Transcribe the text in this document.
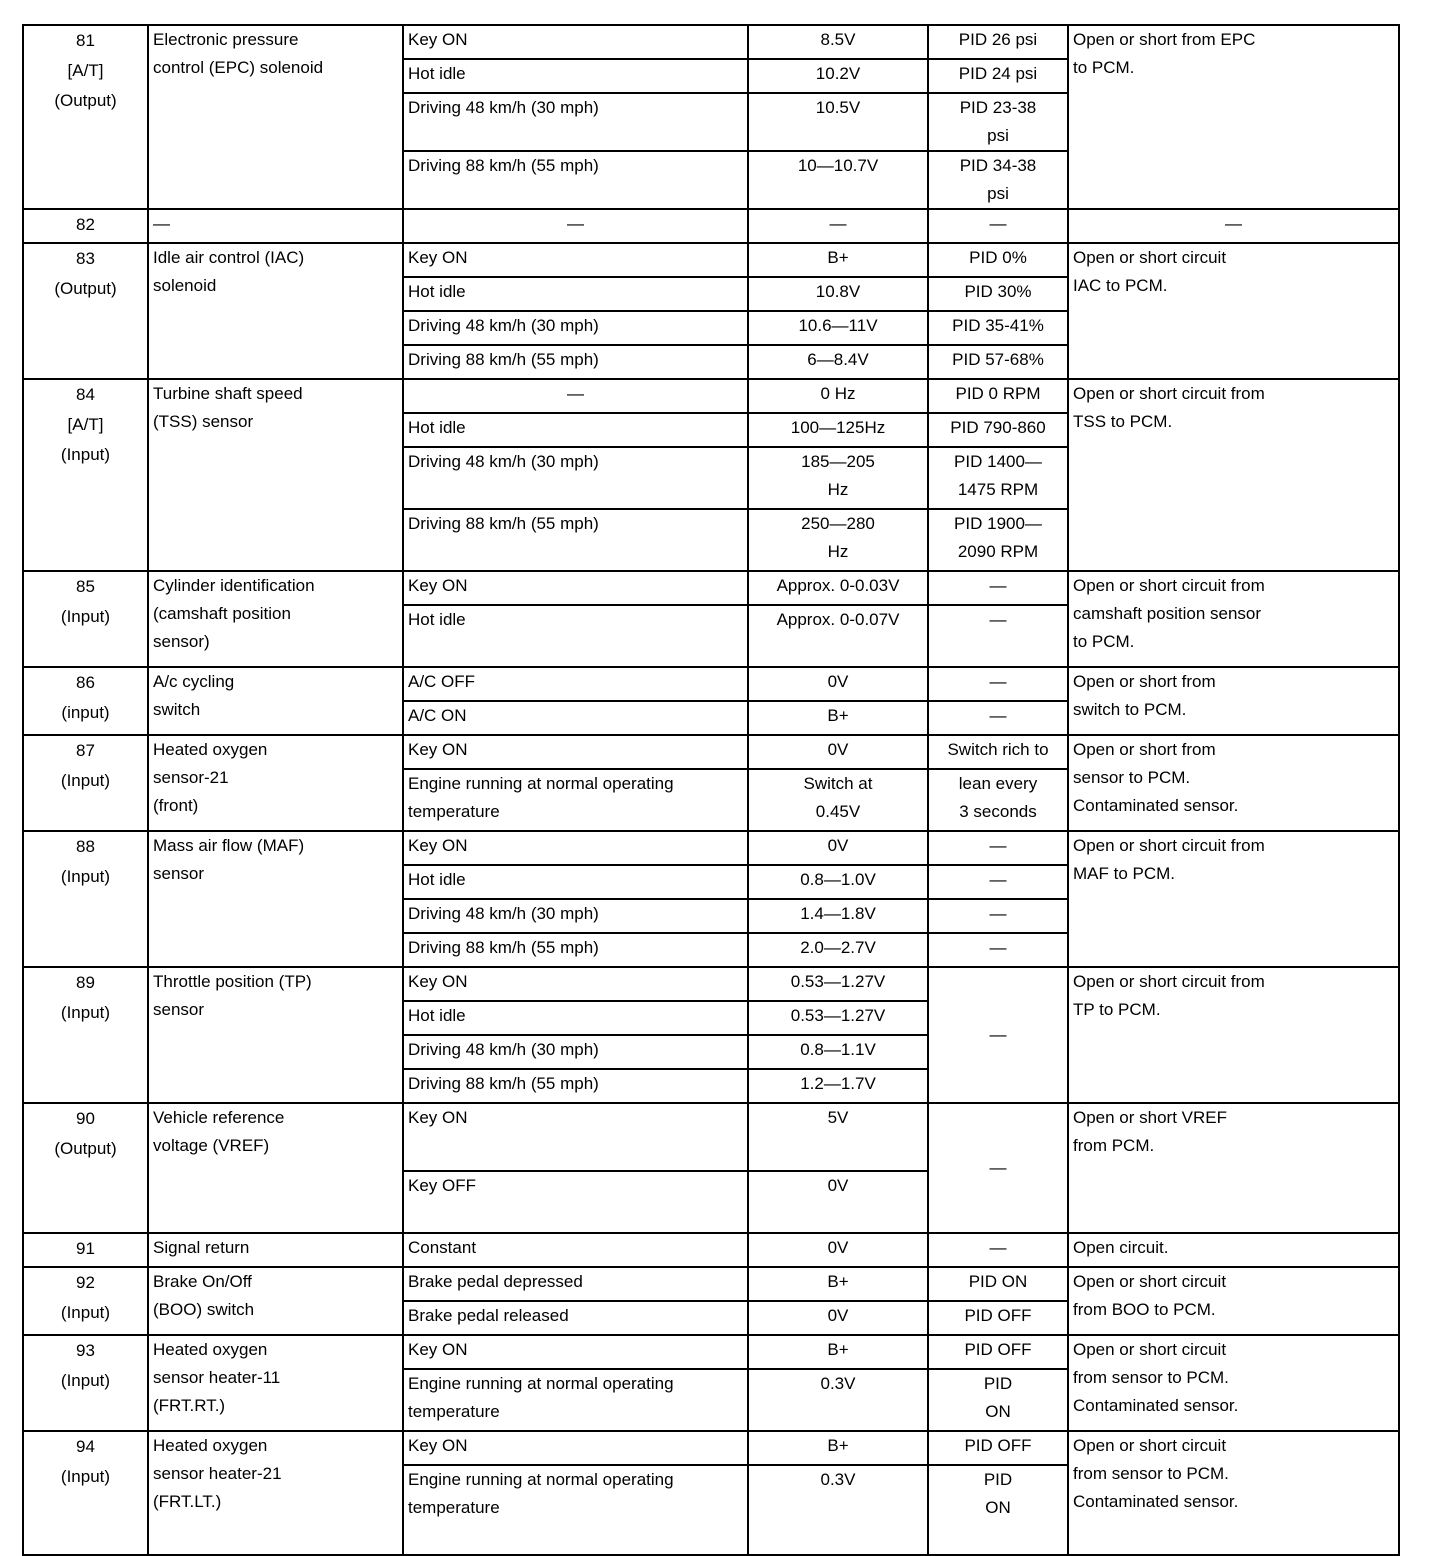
81
[A/T]
(Output)	Electronic pressure
control (EPC) solenoid	Key ON	8.5V	PID 26 psi	Open or short from EPC
to PCM.

		Hot idle	10.2V	PID 24 psi	

		Driving 48 km/h (30 mph)	10.5V	PID 23-38
psi	

		Driving 88 km/h (55 mph)	10—10.7V	PID 34-38
psi	

82	—	—	—	—	—

83
(Output)	Idle air control (IAC)
solenoid	Key ON	B+	PID 0%	Open or short circuit
IAC to PCM.

		Hot idle	10.8V	PID 30%	

		Driving 48 km/h (30 mph)	10.6—11V	PID 35-41%	

		Driving 88 km/h (55 mph)	6—8.4V	PID 57-68%	

84
[A/T]
(Input)	Turbine shaft speed
(TSS) sensor	—	0 Hz	PID 0 RPM	Open or short circuit from
TSS to PCM.

		Hot idle	100—125Hz	PID 790-860	

		Driving 48 km/h (30 mph)	185—205
Hz	PID 1400—
1475 RPM	

		Driving 88 km/h (55 mph)	250—280
Hz	PID 1900—
2090 RPM	

85
(Input)	Cylinder identification
(camshaft position
sensor)	Key ON	Approx. 0-0.03V	—	Open or short circuit from
camshaft position sensor
to PCM.

		Hot idle	Approx. 0-0.07V	—	

86
(input)	A/c cycling
switch	A/C OFF	0V	—	Open or short from
switch to PCM.

		A/C ON	B+	—	

87
(Input)	Heated oxygen
sensor-21
(front)	Key ON	0V	Switch rich to	Open or short from
sensor to PCM.
Contaminated sensor.

		Engine running at normal operating temperature	Switch at
0.45V	lean every
3 seconds	

88
(Input)	Mass air flow (MAF)
sensor	Key ON	0V	—	Open or short circuit from
MAF to PCM.

		Hot idle	0.8—1.0V	—	

		Driving 48 km/h (30 mph)	1.4—1.8V	—	

		Driving 88 km/h (55 mph)	2.0—2.7V	—	

89
(Input)	Throttle position (TP)
sensor	Key ON	0.53—1.27V	—	Open or short circuit from
TP to PCM.

		Hot idle	0.53—1.27V		

		Driving 48 km/h (30 mph)	0.8—1.1V		

		Driving 88 km/h (55 mph)	1.2—1.7V		

90
(Output)	Vehicle reference
voltage (VREF)	Key ON	5V	—	Open or short VREF
from PCM.

		Key OFF	0V		

91	Signal return	Constant	0V	—	Open circuit.

92
(Input)	Brake On/Off
(BOO) switch	Brake pedal depressed	B+	PID ON	Open or short circuit
from BOO to PCM.

		Brake pedal released	0V	PID OFF	

93
(Input)	Heated oxygen
sensor heater-11
(FRT.RT.)	Key ON	B+	PID OFF	Open or short circuit
from sensor to PCM.
Contaminated sensor.

		Engine running at normal operating temperature	0.3V	PID
ON	

94
(Input)	Heated oxygen
sensor heater-21
(FRT.LT.)	Key ON	B+	PID OFF	Open or short circuit
from sensor to PCM.
Contaminated sensor.

		Engine running at normal operating temperature	0.3V	PID
ON	
